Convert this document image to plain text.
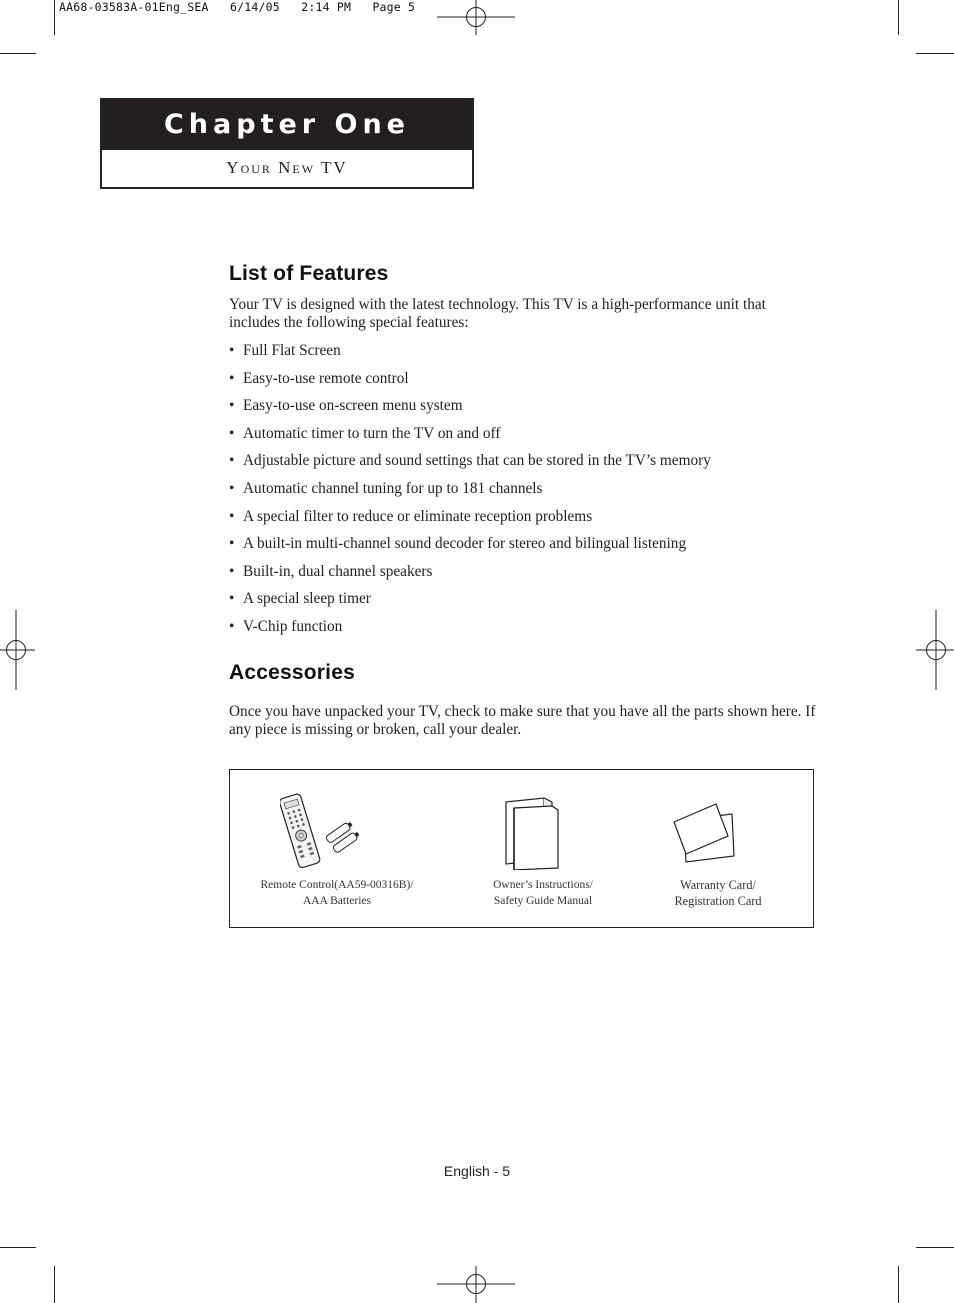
AA68-03583A-01Eng_SEA   6/14/05   2:14 PM   Page 5
Chapter One
Your New TV
List of Features

Your TV is designed with the latest technology. This TV is a high-performance unit that includes the following special features:

• Full Flat Screen
• Easy-to-use remote control
• Easy-to-use on-screen menu system
• Automatic timer to turn the TV on and off
• Adjustable picture and sound settings that can be stored in the TV’s memory
• Automatic channel tuning for up to 181 channels
• A special filter to reduce or eliminate reception problems
• A built-in multi-channel sound decoder for stereo and bilingual listening
• Built-in, dual channel speakers
• A special sleep timer
• V-Chip function
Accessories

Once you have unpacked your TV, check to make sure that you have all the parts shown here. If any piece is missing or broken, call your dealer.

Remote Control(AA59-00316B)/
AAA Batteries
Owner’s Instructions/
Safety Guide Manual
Warranty Card/
Registration Card
English - 5
